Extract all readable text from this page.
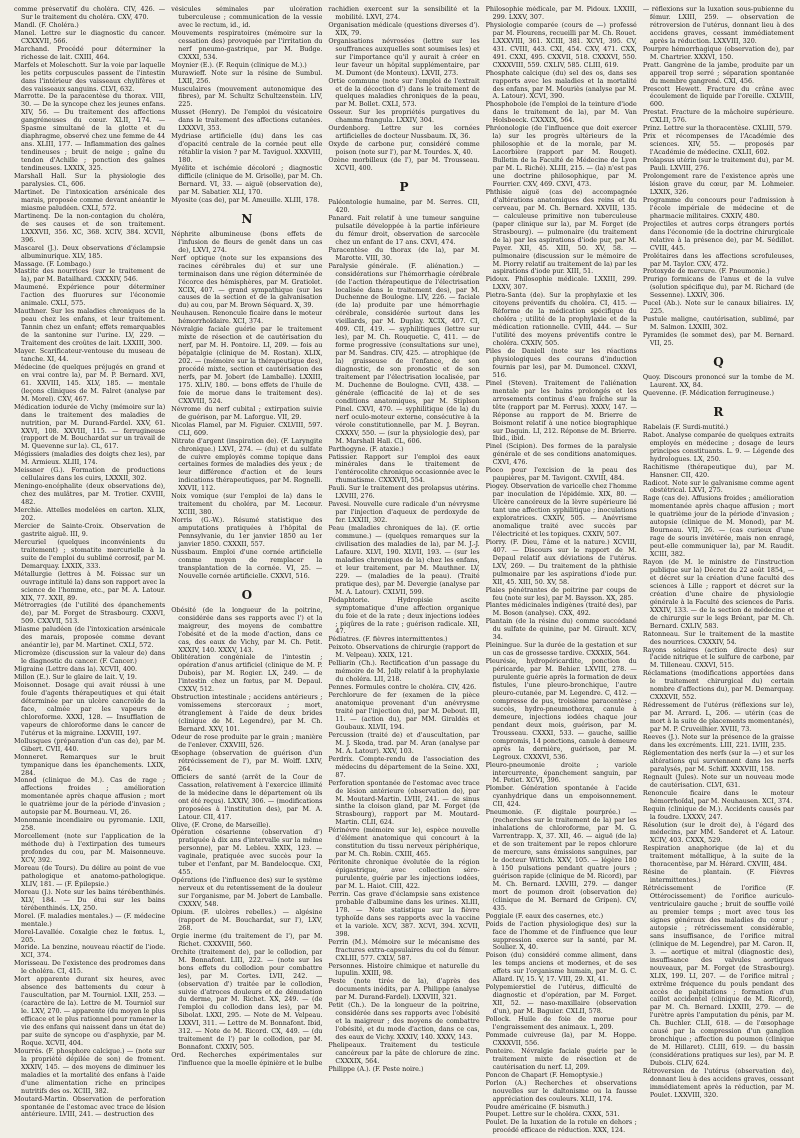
comme préservatif du choléra. CIV, 426. — Sur le traitement du choléra. CXV, 470.

Mandl. (F. Choléra.)

Manel. Lettre sur le diagnostic du cancer. CXXXVII, 566.

Marchand. Procédé pour déterminer la richesse de lait. CXIII, 464.

Marfels et Moleschott. Sur la voie par laquelle les petits corpuscules passent de l'intestin dans l'intérieur des vaisseaux chylifères et des vaisseaux sanguins. CLVI, 632.

Marrotte. De la paracentèse du thorax. VIII, 30. — De la syncope chez les jeunes enfans. XIV, 56. — Du traitement des affections gangréneuses du cœur. XLII, 174. — Spasme simultané de la glotte et du diaphragme, observé chez une femme de 44 ans. XLIII, 177. — Inflammation des gaînes tendineuses ; bruit de neige ; gaîne du tendon d'Achille ; ponction des gaînes tendineuses. LXXIX, 325.

Marshall Hall. Sur la physiologie des paralysies. CL, 606.

Martinet. De l'intoxication arsénicale des marais, proposée comme devant anéantir le miasme paludéen. CXLI, 572.

Martinenq. De la non-contagion du choléra, de ses causes et de son traitement. LXXXVII, 356. XC, 368. XCIV, 384. XCVII, 396.

Mascarel (J.). Deux observations d'éclampsie albuminurique. XLV, 185.

Massage. (F. Lombago.)

Mastite des nourrices (sur le traitement de la), par M. Batailhard. CXXXIV, 546.

Maumené. Expérience pour déterminer l'action des fluorures sur l'économie animale. CXLI, 575.

Mauthner. Sur les maladies chroniques de la peau chez les enfans, et leur traitement. Tannin chez un enfant; effets remarquables de la santonine sur l'urine. LV, 229. — Traitement des croûtes de lait. LXXIII, 300.

Mayer. Scarificateur-ventouse du museau de tanche. XI, 44.

Médecine (de quelques préjugés en grand et en vrai contre la), par M. P. Bernard. XVI, 61. XXVIII, 145. XLV, 185. — mentale (leçons cliniques de M. Falret (analyse par M. Morel). CXV, 467.

Médication iodurée de Vichy (mémoire sur la) dans le traitement des maladies de nutrition, par M. Durand-Fardel. XXV, 61. XXVI, 108. XXVIII, 115. — ferrugineuse (rapport de M. Bouchardat sur un travail de M. Quevenne sur la). CL, 617.

Mégissiers (maladies des doigts chez les), par M. Armieux. XLIII, 174.

Meissner (G.). Formation de productions cellulaires dans les cuirs, LXXXII, 302.

Meningo-encéphalite (deux observations de), chez des mulâtres, par M. Trotier. CXVIII, 482.

Merchie. Attelles modelées en carton. XLIX, 202.

Mercier de Sainte-Croix. Observation de gastrite aiguë. III, 9.

Mercuriel (quelques inconvénients du traitement) ; stomatite mercurielle à la suite de l'emploi du sublimé corrosif, par M. Demarquay. LXXIX, 333.

Métallurgie (lettres à M. Foissac sur un ouvrage intitulé la) dans son rapport avec la science de l'homme, etc., par M. A. Latour. XIX, 77. XXII, 89.

Métrorragies (de l'utilité des épanchements de), par M. Forget de Strasbourg. CXXVI, 509. CXXVII, 513.

Miasme paludéen (de l'intoxication arsénicale des marais, proposée comme devant anéantir le), par M. Martinet. CXLI, 572.

Micromèze (discussion sur la valeur de) dans le diagnostic du cancer. (F. Cancer.)

Migraine (Lettre dans la). XCVII, 400.

Millon (E.). Sur le glaire de lait. V, 19.

Moisonnet. Dosage qui avait réussi à une foule d'agents thérapeutiques et qui était déterminée par un ulcère cancroïde de la face, calmée par les vapeurs de chloroforme. XXXI, 128. — Insufflation de vapeurs de chloroforme dans le cancer de l'utérus et la migraine. LXXVIII, 197.

Mollusques (préparation d'un cas de), par M. Gibert. CVII, 440.

Monneret. Remarques sur le bruit tympanique dans les épanchements. LXIX, 284.

Monod (clinique de M.). Cas de rage ; affections froides ; amélioration momentanée après chaque affusion ; mort le quatrième jour de la période d'invasion ; autopsie par M. Bourneau. VI, 26.

Monomanie incendiaire ou pyromanie. LXII, 258.

Morcellement (note sur l'application de la méthode du) à l'extirpation des tumeurs profondes du cou, par M. Maisonneuve. XCV, 392.

Moreau (de Tours). Du délire au point de vue pathologique et anatomo-pathologique. XLIV, 181. — (F. Épilepsie.)

Moreau (J.). Note sur les bains térébenthinés. XLV, 184. — Du étui sur les bains térébenthinés. LX, 250.

Morel. (F. maladies mentales.) — (F. médecine mentale.)

Morel-Lavallée. Coxalgie chez le fœtus. L, 205.

Moride. La benzine, nouveau réactif de l'iode. XCI, 374.

Morisseau. De l'existence des prodromes dans le choléra. CI, 415.

Mort apparente durant six heures, avec absence des battements du cœur à l'auscultation, par M. Tourniol. LXII, 253. — (caractère de la). Lettre de M. Tourniol sur le. LXV, 270. — apparente (du moyen le plus efficace et le plus rationnel pour ramener la vie des enfans qui naissent dans un état de) par suite de syncope ou d'asphyxie, par M. Roque. XCVII, 404.

Mourrés. (F. phosphore calcique.) — (note sur la propriété dépilée de son) de froment. XXXIV, 145. — des moyens de diminuer les maladies et la mortalité des enfans à l'aide d'une alimentation riche en principes nutritifs des os. XCIII, 382.

Moutard-Martin. Observation de perforation spontanée de l'estomac avec trace de lésion antérieure. LVIII, 241. — destruction des

vésicules séminales par ulcération tuberculeuse ; communication de la vessie avec le rectum, id., id.

Mouvements respiratoires (mémoire sur la cessation des) provoquée par l'irritation du nerf pneumo-gastrique, par M. Budge. CXXXI, 534.

Moynier (E.). (F. Requin (clinique de M.).)

Murawieff. Note sur la résine de Sumbul. LXII, 256.

Musculaires (mouvement autonomique des fibres), par M. Schultz Schultzenstein. LIV, 225.

Musset (Henry). De l'emploi du vésicatoire dans le traitement des affections cutanées. LXXXVI, 353.

Mydriase artificielle (du) dans les cas d'opacité centrale de la cornée peut elle rétablir la vision ? par M. Taviguol. XXXVIII, 180.

Myélite et ischémie décoloré ; diagnostic difficile (clinique de M. Grisolle), par M. Ch. Bernard. VI, 33. — aiguë (observation de), par M. Sabatier. XLI, 170.

Myosite (cas de), par M. Ameuille. XLIII, 178.

N

Néphrite albumineuse (bons effets de l'infusion de fleurs de genêt dans un cas de), LXVI, 274.

Nerf optique (note sur les expansions des racines cérébrales du) et sur une terminaison dans une région déterminée de l'écorce des hémisphères, par M. Gratiolet. XCIX, 407. — grand sympathique (sur les causes de la section et de la galvanisation du) au cou, par M. Brown Séquard. X, 39.

Neuhausen. Renoncule ficaire dans le moteur hémorrhoïdaire. XCI, 374.

Névralgie faciale guérie par le traitement mixte de résection et de cautérisation du nerf, par M. H. Pontoire. LI, 209. — fois au bépatalgie (clinique de M. Rostan). XLIX, 202. — (mémoire sur la thérapeutique des), procédé mixte, section et cautérisation des nerfs, par M. Jobert (de Lamballe). LXXIII, 175. XLIV, 180. — bons effets de l'huile de foie de morue dans le traitement des). CXXVIII, 524.

Névrome du nerf cubital ; extirpation suivie de guérison, par M. Laforgue. VII, 29.

Nicolas Flamel, par M. Figuier. CXLVIII, 597. CLI, 609.

Nitrate d'argent (inspiration de). (F. Laryngite chronique.) LXVI, 274. — (du) et du sulfate de cuivre employés comme topique dans certaines formes de maladies des yeux ; de leur différence d'action et de leurs indications thérapeutiques, par M. Rognelli. XXVII, 112.

Noix vomique (sur l'emploi de la) dans le traitement du choléra, par M. Lecœur. XCIII, 380.

Norris (G.-W.). Résumé statistique des amputations pratiquées à l'hôpital de Pennsylvanie, du 1er janvier 1850 au 1er janvier 1850. CXXXII, 557.

Nussbaum. Emploi d'une cornée artificielle comme moyen de remplacer la transplantation de la cornée. VI, 25. — Nouvelle cornée artificielle. CXXVI, 516.

O

Obésité (de la longueur de la poitrine, considérée dans ses rapports avec l') et la maigreur, des moyens de combattre l'obésité et de la mode d'action, dans ce cas, des eaux de Vichy, par M. Ch. Petit. XXXIV, 140. XXXV, 143.

Oblitération congéniale de l'intestin ; opération d'anus artificiel (clinique de M. P. Dubois), par M. Rogier. LX, 249. — de l'intestin chez un fœtus, par M. Depaul. CXXV, 512.

Obstruction intestinale ; accidens antérieurs ; vomissemens stercoraux ; mort, étranglement à l'aide de deux brides (clinique de M. Legendre), par M. Ch. Bernard. XXV, 101.

Odeur de rose produite par le grain ; manière de l'enlever. CXXVIII, 526.

Œsophage (observation de guérison d'un rétrécissement de l'), par M. Wolff. LXIV, 264.

Officiers de santé (arrêt de la Cour de Cassation, relativement à l'exercice illimité de la médecine dans le département où ils ont été reçus). LXXIV, 306. — (modifications proposées à l'institution des), par M. A. Latour. CII, 417.

Olive, (F. Crone, de Marseille).

Opération césarienne (observation d') pratiquée à dix ans d'intervalle sur la même personne), par M. Lebleu. XXIX, 123. — vaginale, pratiquée avec succès pour la tuber et l'enfant, par M. Bandelocque. CXI, 455.

Opérations (de l'influence des) sur le système nerveux et du retentissement de la douleur sur l'organisme, par M. Jobert de Lamballe. CXXXV, 548.

Opium. (F. ulcères rebelles.) — algésine (rapport de M. Bouchardat, sur l'), LXV, 268.

Orgie inerme (du traitement de l'), par M. Richet. CXXXVIII, 560.

Orchite (traitement de), par le collodion, par M. Bonnafont. LIII, 222. — (note sur les bons effets du collodion pour combattre les), par M. Cortes. LVII, 242. — (observation d') traitée par le collodion, suivie d'atroces douleurs et de dénudation du derme, par M. Richet. XX, 249. — (de l'emploi du collodion dans les), par M. Sibolat. LXXI, 295. — Note de M. Velpeau. LXXVI, 311. — Lettre de M. Bonnafont. Ibid, 312. — Note de M. Ricord. CX, 449. — (du traitement de l') par le collodion, par M. Bonnafont. CXXIV, 505.

Ord. Recherches expérimentales sur l'influence que la moelle épinière et le bulbe

rachidien exercent sur la sensibilité et la mobilité. LXVI, 274.

Organisation médicale (questions diverses d'). XIX, 79.

Organisations névrosées (lettre sur les souffrances auxquelles sont soumises les) et sur l'importance qu'il y aurait à créer en leur faveur un hôpital supplémentaire, par M. Dumont (de Monteux). LXVII, 273.

Ortie commune (note sur l'emploi de l'extrait et de la décoction d') dans le traitement de quelques maladies chroniques de la peau, par M. Bollet. CXLI, 573.

Osseur. Sur les propriétés purgatives du chamma frangula. LXXIV, 304.

Ourdenborg. Lettre sur les cornées artificielles de docteur Nussbaum. IX, 36.

Oxyde de carbone pur, considéré comme poison (note sur l'), par M. Tourdes. X, 40.

Ozène morbilleux (de l'), par M. Trousseau. XCVII, 400.

P

Paléontologie humaine, par M. Serres. CII, 420.

Panard. Fait relatif à une tumeur sanguine pulsatile développée à la partie inférieure du fémur droit, observation de sarcocèle chez un enfant de 17 ans. CXVI, 474.

Paracentèse du thorax (de la), par M. Marotte. VIII, 30.

Paralysie générale. (F. aliénation.) — considérations sur l'hémorrhagie cérébrale (de l'action thérapeutique de l'électrisation localisée dans le traitement des), par M. Duchenne de Boulogne. LIV, 226. — faciale (de la) produite par une hémorrhagie cérébrale, considérée surtout dans les vieillards, par M. Duplay. XCIX, 407. CI, 409. CII, 419. — syphilitiques (lettre sur les), par M. Ch. Rouquetie. C, 411. — de forme progressive (consultations sur une), par M. Sandras. CIV, 425. — atrophique (de la) graisseuse de l'enfance, de son diagnostic, de son pronostic et de son traitement par l'électrisation localisée, par M. Duchenne de Boulogne. CVII, 438. — générale (efficacité de la) et de ses conditions anatomiques, par M. Stiplson Pinel. CXVI, 470. — syphilitique (de la) du nerf oculo-moteur externe, consécutive à la vérole constitutionnelle, par M. J. Beyran. CXXXV, 550. — (sur la physiologie des), par M. Marshall Hall. CL, 606.

Parthogyne. (F. ataxie.)

Patissier. Rapport sur l'emploi des eaux minérales dans le traitement de l'entérocolite chronique occasionnée avec le rhumatisme. CXXXVII, 554.

Pauli. Sur le traitement des prolapsus utérins. LXVIII, 276.

Pavesi. Nouvelle cure radicale d'un névrysme par l'injection d'aqueux de perdoxyde de fer. LXXIII, 302.

Peau (maladies chroniques de la). (F. ortie commune.) — (quelques remarques sur la civilisation des maladies de la), par M. J.-J. Lafaure. XLVI, 190. XLVII, 193. — (sur les maladies chroniques de la) chez les enfans, et leur traitement, par M. Mauthner. LV, 229. — (maladies de la peau). (Traité pratique des), par M. Devergie (analyse par M. A. Latour). CXLVII, 599.

Pédaphtorie. Hydropisie ascite symptomatique d'une affection organique du foie et de la rate ; deux injections iodées ; piqûres de la rate ; guérison radicale. XII, 47.

Pédiatres. (F. fièvres intermittentes.)

Peixoto. Observations de chirurgie (rapport de M. Velpeau). XXIX, 121.

Pelliarin (Ch.). Rectification d'un passage du mémoire de M. Jolly relatif à la prophylaxie du choléra. LII, 218.

Pennes. Formules contre le choléra. CIV, 426.

Perchlorure de fer (examen de la pièce anatomique provenant d'un anévrysme traité par l'injection du), par M. Debout. III, 11. — (action du), par MM. Giraldès et Goubaux. XLVII, 194.

Percussion (traité de) et d'auscultation, par M. J. Skoda, trad. par M. Aran (analyse par M. A. Latour). XXV, 103.

Perdrix. Compte-rendu de l'association des médecins du département de la Seine. XXI, 87.

Perforation spontanée de l'estomac avec trace de lésion antérieure (observation de), par M. Moutard-Martin. LVIII, 241. — de sinus sinthe la cloison gland, par M. Forget (de Strasbourg), rapport par M. Moutard-Martin. CLII, 624.

Périnévre (mémoire sur le), espèce nouvelle d'élément anatomique qui concourt à la constitution du tissu nerveux périphérique, par M. Ch. Robin. CXIII, 465.

Péritonite chronique évolutée de la région épigastrique, avec collection séro-purulente, guérie par les injections iodées, par M. L. Haiot. CIII, 422.

Perrin. Cas grave d'éclampsie sans existence probable d'albumine dans les urines. XLIII, 178. — Note statistique sur la fièvre typhoïde dans ses rapports avec la vaccine et la variole. XCV, 387. XCVI, 394. XCVII, 398.

Perrin (M.). Mémoire sur le mécanisme des fractures extra-capsulaires du col du fémur. CXLIII, 577. CXLV, 587.

Personnes. Histoire chimique et naturelle du lupulin. XXIII, 98.

Peste (note tirée de la), d'après des documents inédits, par A. Philippe (analyse par M. Durand-Fardel). LXXVIII, 321.

Petit (Ch.). De la longueur de la poitrine, considérée dans ses rapports avec l'obésité et la maigreur ; des moyens de combattre l'obésité, et du mode d'action, dans ce cas, des eaux de Vichy. XXXIV, 140. XXXV, 143.

Phelipeaux. Traitement du testicule cancéreux par la pâte de chlorure de zinc. CXXXIX, 564.

Philippe (A.). (F. Peste noire.)

Philosophie médicale, par M. Pidoux. LXXIII, 299. LXXV, 307.

Physiologie comparée (cours de —) professé par M. Flourens, recueilli par M. Ch. Rouet. LXXXVIII, 361. XCIII, 381. XCVI, 395. CV, 431. CVIII, 443. CXI, 454. CXV, 471. CXX, 491. CXXI, 495. CXXVII, 518. CXXXVI, 550. CXXXVIII, 559. CXLIV, 585. CLIII, 619.

Phosphate calcique (du) sel des os, dans ses rapports avec les maladies et la mortalité des enfans, par M. Mouriès (analyse par M. A. Latour). XCVI, 390.

Phosphobole (de l'emploi de la teinture d'iode dans le traitement de la), par M. Van Holsbeeck. CXXXIX, 564.

Phréonologie (de l'influence que doit exercer la) sur les progrès ultérieurs de la philosophie et de la morale, par M. Lacorbière (rapport par M. Rouget). Bulletin de la Faculté de Médecine de Lyon par M. L. Riché). XLIII, 215. — (la) n'est pas une doctrine philosophique, par M. Fourrier. CXV, 469. CXVI, 473.

Phthisie aiguë (cas de) accompagnée d'altérations anatomiques des reins et du cerveau, par M. Ch. Bernard. XXVIII, 135. — calculeuse primitive non tuberculeuse (paper clinique sur la), par M. Forget (de Strasbourg). — pulmonaire (du traitement de la) par les aspirations d'iode pur, par M. Payer. XII, 45. XIII, 50. XV, 58. — pulmonaire (discussion sur le mémoire de M. Piorry relatif au traitement de la) par les aspirations d'iode pur. XIII, 51.

Pidoux. Philosophie médicale. LXXIII, 299. LXXV, 307.

Pietra-Santa (de). Sur la prophylaxie et les citoyens préventifs du choléra. CI, 415. — Réforme de la médication spécifique du choléra ; utilité de la prophylaxie et de la médication rationnelle. CVIII, 444. — Sur l'utilité des moyens préventifs contre le choléra. CXXIV, 505.

Piles de Daniell (note sur les réactions physiologiques des courans d'induction fournis par les), par M. Dumoncel. CXXVI, 516.

Pinel (Steven). Traitement de l'aliénation mentale par les bains prolongés et les arrosements continus d'eau fraîche sur la tête (rapport par M. Ferrus). XXXV, 147. — Réponse au rapport de M. Brierre de Boismont relatif à une notice biographique sur Daquin. LI, 212. Réponse de M. Brierre. Ibid., ibid.

Pinel (Scipion). Des formes de la paralysie générale et de ses conditions anatomiques. CXVI, 476.

Pioco pour l'excision de la peau des paupières, par M. Tavigont. CXVIII, 484.

Piogey. Observation de varicelle chez l'homme par inoculation de l'épidémie. XIX, 80. — Ulcère cancéreux de la lèvre supérieure lié tant une affection syphilitique ; inoculations exploratrices. CXXIV, 505. — Anévrisme anomalique traité avec succès par l'électricité et les topiques. CXXIV, 507.

Piorry. (F. Dieu, l'âme et la nature.) XCVIII, 407. — Discours sur le rapport de M. Depaul relatif aux déviations de l'utérus. LXV, 269. — Du traitement de la phthisie pulmonaire par les aspirations d'iode pur. XII, 45. XIII, 50. XV, 58.

Plaies pénétrantes de poitrine par coups de feu (note sur les), par M. Baysson. XX, 285.

Plantes médicinales indigènes (traité des), par M. Boson (analyse). CXX, 492.

Plantain (de la résine du) comme succédané du sulfate de quinine, par M. Girault. XCV, 34.

Pleiningue. Sur la durée de la gestation et sur un cas de grossesse tardive. CXXXIX, 564.

Pleurésie, hydropéricardite, ponction du péricarde, par M. Behier. LXVIII, 278. — purulente guérie après la formation de deux fistules, l'une pleuro-bronchique, l'autre pleuro-cutanée, par M. Legendre. C, 412. — compresse de pus, troisième paracentèse ; succès, hydro-pneumothorax, canule à demeure, injections iodées chaque jour pendant deux mois, guérison, par M. Trousseau. CXXXI, 533. — gauche, saillie compromis, 14 ponctions, canule à demeure après la dernière, guérison, par M. Legroux. CXXXVI, 536.

Pleuro-pneumonie droite ; variole intercurrente, épanchement sanguin, par M. Petiet. XCVI, 396.

Plomber. Génération spontanée à l'acide cyanhydrique dans un empoisonnement. CII, 424.

Pneumonie. (F. digitale pourprée.) — (recherches sur le traitement de la) par les inhalations de chloroforme, par M. G. Varrentrapp. X, 37. XII, 46. — aiguë (de la) et de son traitement par le repos chlorure de mercure, sans émissions sanguines, par le docteur Wittich. XXV, 105. — légère 180 à 150 pulsations pendant quatre jours ; guérison rapide (clinique de M. Ricord), par M. Ch. Bernard. LXVIII, 279. — danger mort de poumon droit (observation de) (clinique de M. Bernard de Gripen). CV, 435.

Poggiale (F. eaux des casernes, etc.)

Poids de l'action physiologique des) sur la face de l'homme et de l'influence que leur suppression exerce sur la santé, par M. Soulier. X, 40.

Poison (du) considéré comme aliment, dans les temps anciens et modernes, et de ses effets sur l'organisme humain, par M. G. C. Allard. IV, 15. V, 17. VIII, 29. XI, 41.

Polypemierstiel de l'utérus, difficulté de diagnostic et d'opération, par M. Forget. XII, 52. — naso-maxillaire (observation d'un), par M. Baguier. CXLII, 578.

Pollock. Huile de foie de morue pour l'engraissement des animaux. L, 209.

Pommade cuivreuse (la), par M. Hoppe. CXXXVII, 556.

Ponteire. Névralgie faciale guérie par le traitement mixte de résection et de cautérisation du nerf. LI, 209.

Poncon de Chapart (F. Hemoptysie.)

Porlon (A.) Recherches et observations nouvelles sur le daltonisme ou la fausse appréciation des couleurs. XLII, 174.

Poudre américaine (F. bismuth.)

Poupet. Lettre sur le choléra. CXXX, 531.

Poulet. De la luxation de la rotule en dehors ; procédé efficace de réduction. XXX, 124.

— réflexions sur la luxation sous-pubienne du fémur. LXIII, 259. — observation de rétroversion de l'utérus, donnant lieu à des accidens graves, cessant immédiatement après la réduction. LXXVIII, 320.

Pourpre hémorrhagique (observation de), par M. Chartrier. XXXVI, 150.

Pratt. Gangrène de la jambe, produite par un appareil trop serré ; séparation spontanée du membre gangrené. CXI, 456.

Prescott Hewett. Fracture du crâne avec écoulement de liquide par l'oreille. CXLVIII, 600.

Prestat. Fracture de la mâchoire supérieure. CXLII, 576.

Prinz. Lettre sur la thoracentèse. CXLIII, 579.

Prix et récompenses de l'Académie des sciences. XIV, 55. — proposés par l'Académie de médecine. CXLII, 602.

Prolapsus utérin (sur le traitement du), par M. Pauli. LXVIII, 276.

Prolongement rare de l'existence après une lésion grave du cœur, par M. Lohmeier. LXXIX, 326.

Programme du concours pour l'admission à l'école impériale de médecine et de pharmacie militaires. CXXIV, 480.

Projectiles et autres corps étrangers portés dans l'économie (de la doctrine chirurgicale relative à la présence de), par M. Sédillot. CVIII, 445.

Prolétaires dans les affections scrofuleuses, par M. Taylor. CXV, 472.

Protoxyde de mercure. (F. Pneumonie.)

Prurigo formicans de l'anus et de la vulve (solution spécifique du), par M. Richard (de Sessenne). LXXIV, 306.

Pucel (Ab.). Note sur le canaux biliaires. LV, 225.

Pustule maligne, cautérisation, sublimé, par M. Salmon. LXXIII, 302.

Pyramides (le sommet des), par M. Bernard. VII, 25.

Q

Quoy. Discours prononcé sur la tombe de M. Laurent. XX, 84.

Quevenne. (F. Médication ferrugineuse.)

R

Rabelais (F. Surdi-mutité.)

Rabot. Analyse comparée de quelques extraits employés en médecine ; dosage de leurs principes constituants. L. 9. — Légende des hydrologues. LX, 250.

Rachitisme (thérapeutique du), par M. Hansner. CII, 420.

Radicot. Note sur le galvanisme comme agent obstétrical. LXVI, 275.

Rage (cas de). Affusions froides ; amélioration momentanée après chaque affusion ; mort le quatrième jour de la période d'invasion ; autopsie (clinique de M. Monod), par M. Bourneau. VII, 26. — (cas curieux d'une rage de souris invétérée, mais non enragé, peut-elle communiquer la), par M. Raudit. XCIII, 382.

Rayon (de M. le ministre de l'instruction publique sur la) Décret du 22 août 1854, — et décret sur la création d'une faculté des sciences à Lille ; rapport et décret sur la création d'une chaire de physiologie générale à la Faculté des sciences de Paris. XXXIV, 133. — de la section de médecine et de chirurgie sur le legs Bréant, par M. Ch. Bernard. CXLIV, 583.

Ratonneau. Sur le traitement de la mastite des nourrices. CXXXIV, 54.

Rayons solaires (action directe des) sur l'acide nitrique et le sulfure de carbone, par M. Tilleneau. CXXVI, 515.

Réclamations (modifications apportées dans le traitement chirurgical du) certain nombre d'affections du), par M. Demarquay. CXXXVII, 552.

Rédressement de l'utérus (réflexions sur le), par M. Arrard. L, 206. — utérin (cas de mort à la suite de placements momentanés), par M. P. Cruveilhier. XVIII, 73.

Reeves (J.). Note sur la présence de la graisse dans les excréments. LIII, 221. LVIII, 235.

Réglementation des nerfs (sur la —) et sur les altérations qui surviennent dans les nerfs paralysés, par M. Schiff. XXXVIII, 158.

Regnault (Jules). Note sur un nouveau mode de cautérisation. CLVI, 631.

Renoncule ficaire dans le moteur hémorrhoïdal, par M. Neuhausen. XCI, 374.

Requin (clinique de M.). Accidents causés par la foudre. LXXXV, 247.

Résolution (sur le droit de), à l'égard des médecins, par MM. Sanderet et A. Latour. XCIV, 403. CXXX, 529.

Respiration anaphorique (de la) et du traitement métallique, à la suite de la thoracentèse, par M. Hérard. CXVIII, 484.

Résine de plantain. (F. Fièvres intermittentes.)

Rétrécissement de l'orifice (F. Ottérocissement) de l'orifice auriculo-ventriculaire gauche ; bruit de souffle voilé au premier temps ; mort avec tous les signes généraux des maladies du cœur ; autopsie ; rétrécissement considérable, sans insuffisance, de l'orifice mitral (clinique de M. Legendre), par M. Caron. II, 3. — aortique et mitral (diagnostic des), insuffisance des valvules aortiques nouveaux, par M. Forget (de Strasbourg). XLIX, 199. LI, 207. — de l'orifice mitral ; extrême fréquence du pouls pendant des accès de palpitations ; formation d'un caillot accidentel (clinique de M. Ricord), par M. Ch. Bernard. LXXIII, 279. — de l'urètre après l'amputation du pénis, par M. Ch. Buchler. CLII, 618. — de l'œsophage causé par la compression d'un ganglion bronchique ; affection du poumon (clinique de M. Hillaret). CLIII, 619. — du bassin (considérations pratiques sur les), par M. P. Dubois. CLIV, 624.

Rétroversion de l'utérus (observation de), donnant lieu à des accidens graves, cessant immédiatement après la réduction, par M. Poulet. LXXVIII, 320.
